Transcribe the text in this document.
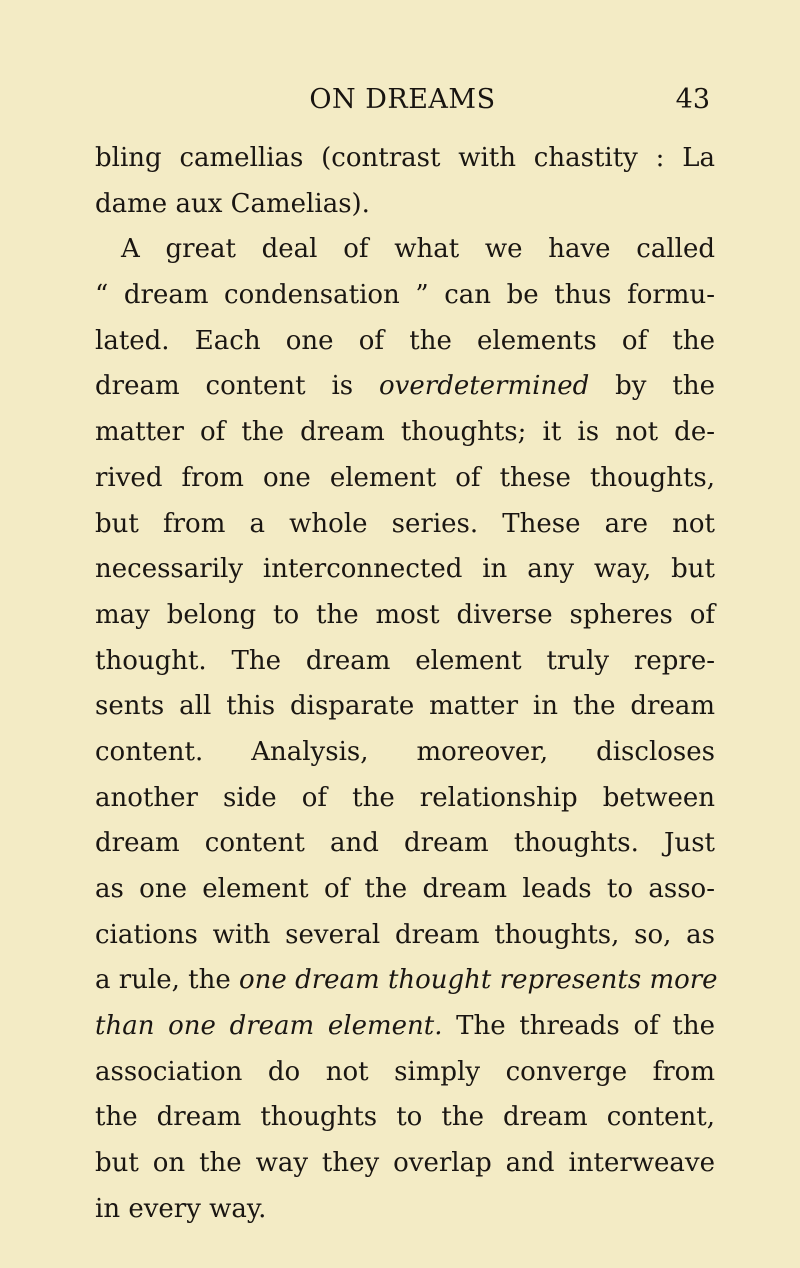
ON DREAMS	43
bling camellias (contrast with chastity : La
dame aux Camelias).
A great deal of what we have called
“ dream condensation ” can be thus formu-
lated. Each one of the elements of the
dream content is overdetermined by the
matter of the dream thoughts; it is not de-
rived from one element of these thoughts,
but from a whole series. These are not
necessarily interconnected in any way, but
may belong to the most diverse spheres of
thought. The dream element truly repre-
sents all this disparate matter in the dream
content. Analysis, moreover, discloses
another side of the relationship between
dream content and dream thoughts. Just
as one element of the dream leads to asso-
ciations with several dream thoughts, so, as
a rule, the one dream thought represents more
than one dream element. The threads of the
association do not simply converge from
the dream thoughts to the dream content,
but on the way they overlap and interweave
in every way.
